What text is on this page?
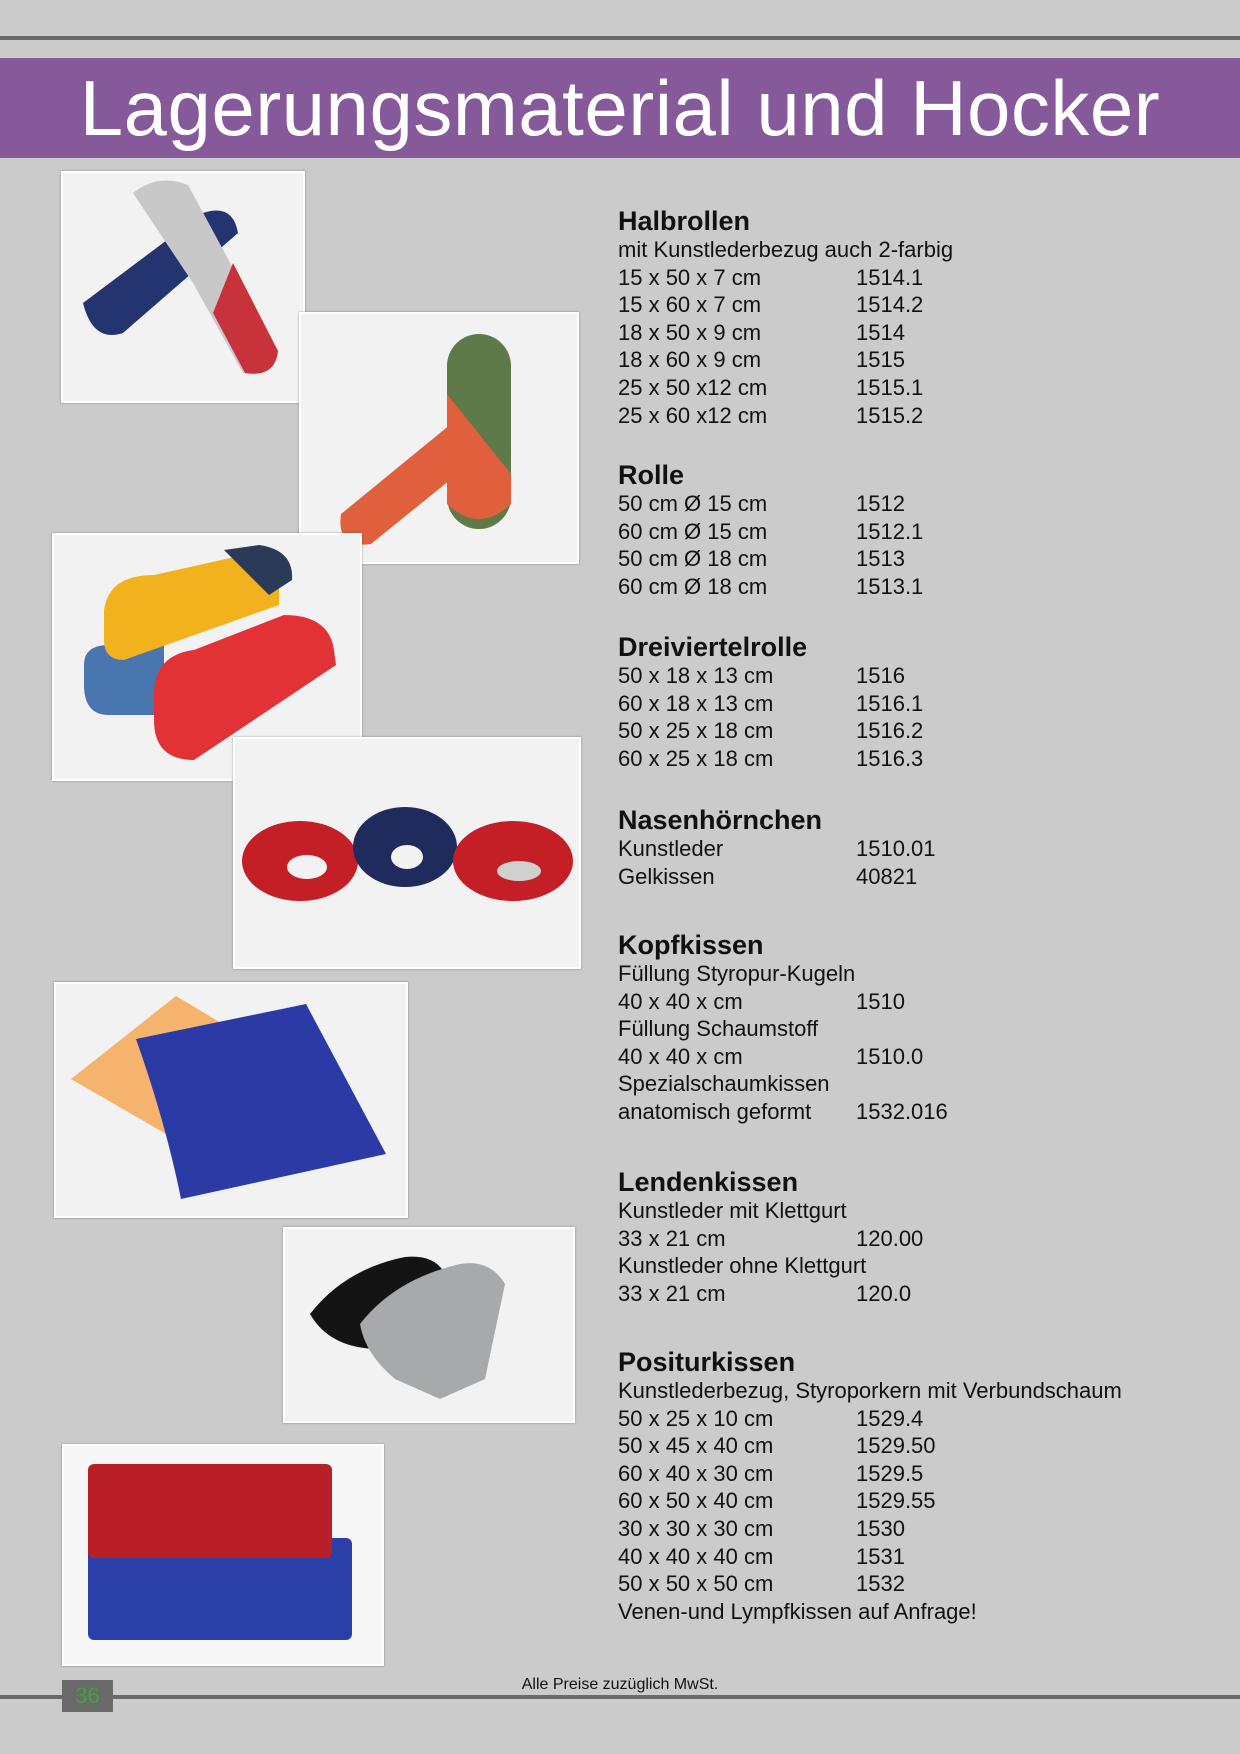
Lagerungsmaterial und Hocker
Halbrollen
mit Kunstlederbezug auch 2-farbig
15 x 50 x 7 cm	1514.1
15 x 60 x 7 cm	1514.2
18 x 50 x 9 cm	1514
18 x 60 x 9 cm	1515
25 x 50 x12 cm	1515.1
25 x 60 x12 cm	1515.2
Rolle
50 cm Ø 15 cm	1512
60 cm Ø 15 cm	1512.1
50 cm Ø 18 cm	1513
60 cm Ø 18 cm	1513.1
Dreiviertelrolle
50 x 18 x 13 cm	1516
60 x 18 x 13 cm	1516.1
50 x 25 x 18 cm	1516.2
60 x 25 x 18 cm	1516.3
Nasenhörnchen
Kunstleder	1510.01
Gelkissen	40821
Kopfkissen
Füllung Styropur-Kugeln
40 x 40 x cm	1510
Füllung Schaumstoff
40 x 40 x cm	1510.0
Spezialschaumkissen
anatomisch geformt 1532.016
Lendenkissen
Kunstleder mit Klettgurt
33 x 21 cm	120.00
Kunstleder ohne Klettgurt
33 x 21 cm	120.0
Positurkissen
Kunstlederbezug, Styroporkern mit Verbundschaum
50 x 25 x 10 cm	1529.4
50 x 45 x 40 cm	1529.50
60 x 40 x 30 cm	1529.5
60 x 50 x 40 cm	1529.55
30 x 30 x 30 cm	1530
40 x 40 x 40 cm	1531
50 x 50 x 50 cm	1532
Venen-und Lympfkissen auf Anfrage!
36	Alle Preise zuzüglich MwSt.
